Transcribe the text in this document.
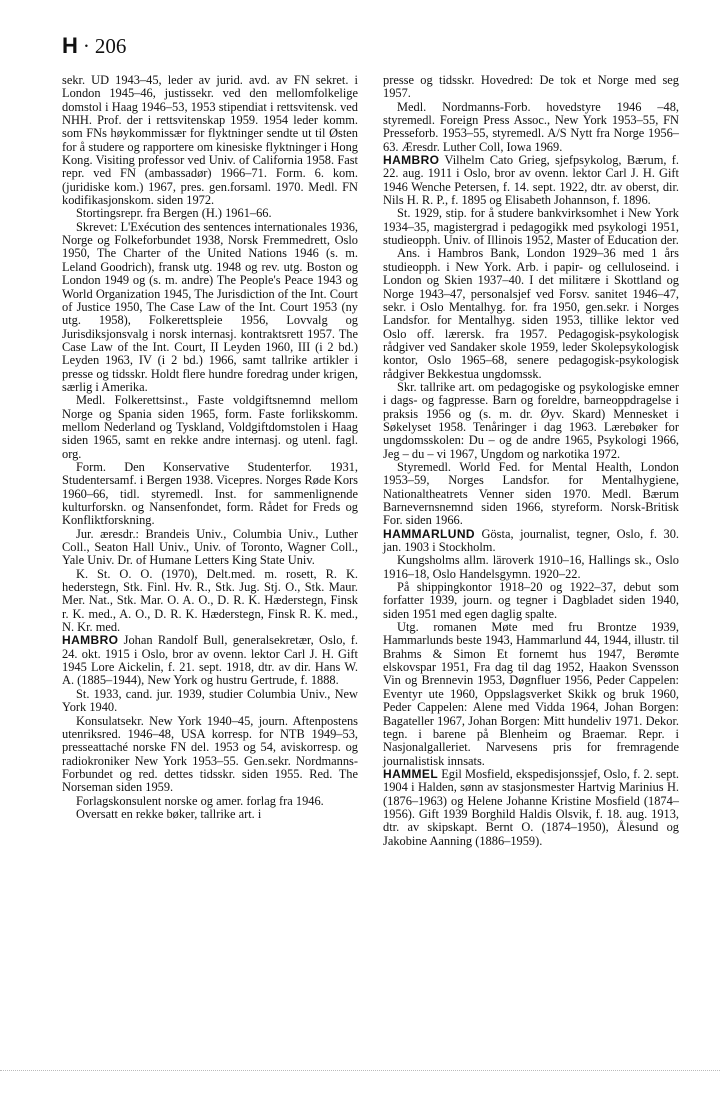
H · 206

sekr. UD 1943–45, leder av jurid. avd. av FN sekret. i London 1945–46, justissekr. ved den mellomfolkelige domstol i Haag 1946–53, 1953 stipendiat i rettsvitensk. ved NHH. Prof. der i rettsvitenskap 1959. 1954 leder komm. som FNs høykommissær for flyktninger sendte ut til Østen for å studere og rapportere om kinesiske flyktninger i Hong Kong. Visiting professor ved Univ. of California 1958. Fast repr. ved FN (ambassadør) 1966–71. Form. 6. kom. (juridiske kom.) 1967, pres. gen.forsaml. 1970. Medl. FN kodifikasjonskom. siden 1972.

Stortingsrepr. fra Bergen (H.) 1961–66.

Skrevet: L'Exécution des sentences internationales 1936, Norge og Folkeforbundet 1938, Norsk Fremmedrett, Oslo 1950, The Charter of the United Nations 1946 (s. m. Leland Goodrich), fransk utg. 1948 og rev. utg. Boston og London 1949 og (s. m. andre) The People's Peace 1943 og World Organization 1945, The Jurisdiction of the Int. Court of Justice 1950, The Case Law of the Int. Court 1953 (ny utg. 1958), Folkerettspleie 1956, Lovvalg og Jurisdiksjonsvalg i norsk internasj. kontraktsrett 1957. The Case Law of the Int. Court, II Leyden 1960, III (i 2 bd.) Leyden 1963, IV (i 2 bd.) 1966, samt tallrike artikler i presse og tidsskr. Holdt flere hundre foredrag under krigen, særlig i Amerika.

Medl. Folkerettsinst., Faste voldgiftsnemnd mellom Norge og Spania siden 1965, form. Faste forlikskomm. mellom Nederland og Tyskland, Voldgiftdomstolen i Haag siden 1965, samt en rekke andre internasj. og utenl. fagl. org.

Form. Den Konservative Studenterfor. 1931, Studentersamf. i Bergen 1938. Vicepres. Norges Røde Kors 1960–66, tidl. styremedl. Inst. for sammenlignende kulturforskn. og Nansenfondet, form. Rådet for Freds og Konfliktforskning.

Jur. æresdr.: Brandeis Univ., Columbia Univ., Luther Coll., Seaton Hall Univ., Univ. of Toronto, Wagner Coll., Yale Univ. Dr. of Humane Letters King State Univ.

K. St. O. O. (1970), Delt.med. m. rosett, R. K. hederstegn, Stk. Finl. Hv. R., Stk. Jug. Stj. O., Stk. Maur. Mer. Nat., Stk. Mar. O. A. O., D. R. K. Hæderstegn, Finsk r. K. med., A. O., D. R. K. Hæderstegn, Finsk R. K. med., N. Kr. med.

HAMBRO Johan Randolf Bull, generalsekretær, Oslo, f. 24. okt. 1915 i Oslo, bror av ovenn. lektor Carl J. H. Gift 1945 Lore Aickelin, f. 21. sept. 1918, dtr. av dir. Hans W. A. (1885–1944), New York og hustru Gertrude, f. 1888.

St. 1933, cand. jur. 1939, studier Columbia Univ., New York 1940.

Konsulatsekr. New York 1940–45, journ. Aftenpostens utenriksred. 1946–48, USA korresp. for NTB 1949–53, presseattaché norske FN del. 1953 og 54, aviskorresp. og radiokroniker New York 1953–55. Gen.sekr. Nordmanns-Forbundet og red. dettes tidsskr. siden 1955. Red. The Norseman siden 1959.

Forlagskonsulent norske og amer. forlag fra 1946.

Oversatt en rekke bøker, tallrike art. i

presse og tidsskr. Hovedred: De tok et Norge med seg 1957.

Medl. Nordmanns-Forb. hovedstyre 1946 –48, styremedl. Foreign Press Assoc., New York 1953–55, FN Presseforb. 1953–55, styremedl. A/S Nytt fra Norge 1956–63. Æresdr. Luther Coll, Iowa 1969.

HAMBRO Vilhelm Cato Grieg, sjefpsykolog, Bærum, f. 22. aug. 1911 i Oslo, bror av ovenn. lektor Carl J. H. Gift 1946 Wenche Petersen, f. 14. sept. 1922, dtr. av oberst, dir. Nils H. R. P., f. 1895 og Elisabeth Johannson, f. 1896.

St. 1929, stip. for å studere bankvirksomhet i New York 1934–35, magistergrad i pedagogikk med psykologi 1951, studieopph. Univ. of Illinois 1952, Master of Education der.

Ans. i Hambros Bank, London 1929–36 med 1 års studieopph. i New York. Arb. i papir- og celluloseind. i London og Skien 1937–40. I det militære i Skottland og Norge 1943–47, personalsjef ved Forsv. sanitet 1946–47, sekr. i Oslo Mentalhyg. for. fra 1950, gen.sekr. i Norges Landsfor. for Mentalhyg. siden 1953, tillike lektor ved Oslo off. lærersk. fra 1957. Pedagogisk-psykologisk rådgiver ved Sandaker skole 1959, leder Skolepsykologisk kontor, Oslo 1965–68, senere pedagogisk-psykologisk rådgiver Bekkestua ungdomssk.

Skr. tallrike art. om pedagogiske og psykologiske emner i dags- og fagpresse. Barn og foreldre, barneoppdragelse i praksis 1956 og (s. m. dr. Øyv. Skard) Mennesket i Søkelyset 1958. Tenåringer i dag 1963. Lærebøker for ungdomsskolen: Du – og de andre 1965, Psykologi 1966, Jeg – du – vi 1967, Ungdom og narkotika 1972.

Styremedl. World Fed. for Mental Health, London 1953–59, Norges Landsfor. for Mentalhygiene, Nationaltheatrets Venner siden 1970. Medl. Bærum Barnevernsnemnd siden 1966, styreform. Norsk-Britisk For. siden 1966.

HAMMARLUND Gösta, journalist, tegner, Oslo, f. 30. jan. 1903 i Stockholm.

Kungsholms allm. läroverk 1910–16, Hallings sk., Oslo 1916–18, Oslo Handelsgymn. 1920–22.

På shippingkontor 1918–20 og 1922–37, debut som forfatter 1939, journ. og tegner i Dagbladet siden 1940, siden 1951 med egen daglig spalte.

Utg. romanen Møte med fru Brontze 1939, Hammarlunds beste 1943, Hammarlund 44, 1944, illustr. til Brahms & Simon Et fornemt hus 1947, Berømte elskovspar 1951, Fra dag til dag 1952, Haakon Svensson Vin og Brennevin 1953, Døgnfluer 1956, Peder Cappelen: Eventyr ute 1960, Oppslagsverket Skikk og bruk 1960, Peder Cappelen: Alene med Vidda 1964, Johan Borgen: Bagateller 1967, Johan Borgen: Mitt hundeliv 1971. Dekor. tegn. i barene på Blenheim og Braemar. Repr. i Nasjonalgalleriet. Narvesens pris for fremragende journalistisk innsats.

HAMMEL Egil Mosfield, ekspedisjonssjef, Oslo, f. 2. sept. 1904 i Halden, sønn av stasjonsmester Hartvig Marinius H. (1876–1963) og Helene Johanne Kristine Mosfield (1874–1956). Gift 1939 Borghild Haldis Olsvik, f. 18. aug. 1913, dtr. av skipskapt. Bernt O. (1874–1950), Ålesund og Jakobine Aanning (1886–1959).
